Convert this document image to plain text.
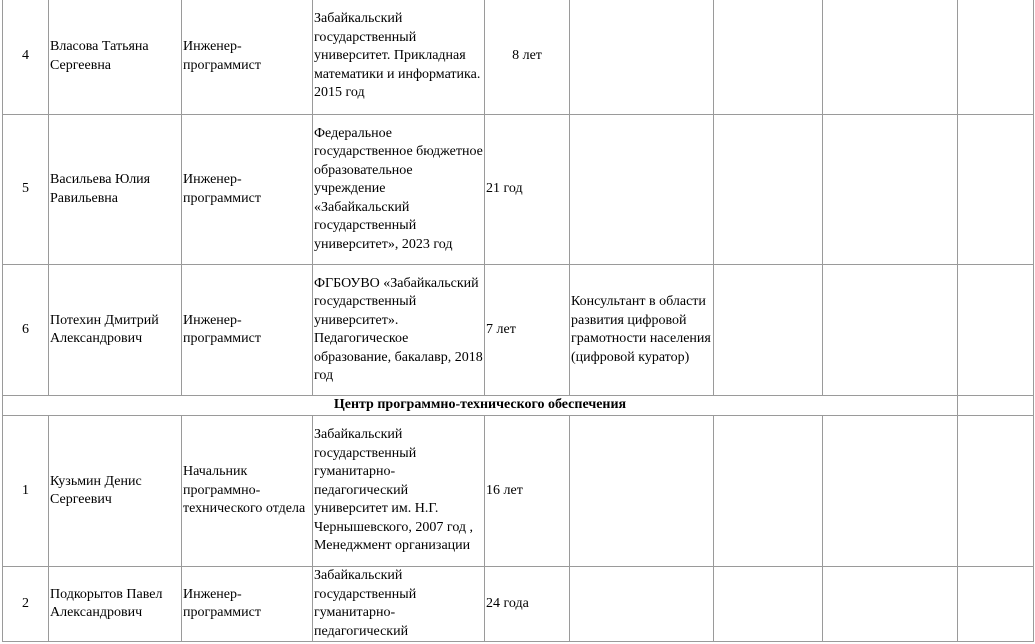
4	Власова Татьяна Сергеевна	Инженер-программист	Забайкальский государственный университет. Прикладная математики и информатика. 2015 год	8 лет				
5	Васильева Юлия Равильевна	Инженер-программист	Федеральное государственное бюджетное образовательное учреждение «Забайкальский государственный университет», 2023 год	21 год				
6	Потехин Дмитрий Александрович	Инженер-программист	ФГБОУВО «Забайкальский государственный университет». Педагогическое образование, бакалавр, 2018 год	7 лет	Консультант в области развития цифровой грамотности населения (цифровой куратор)			
Центр программно-технического обеспечения								
1	Кузьмин Денис Сергеевич	Начальник программно-технического отдела	Забайкальский государственный гуманитарно-педагогический университет им. Н.Г. Чернышевского, 2007 год , Менеджмент организации	16 лет				
2	Подкорытов Павел Александрович	Инженер-программист	Забайкальский государственный гуманитарно-педагогический	24 года				
